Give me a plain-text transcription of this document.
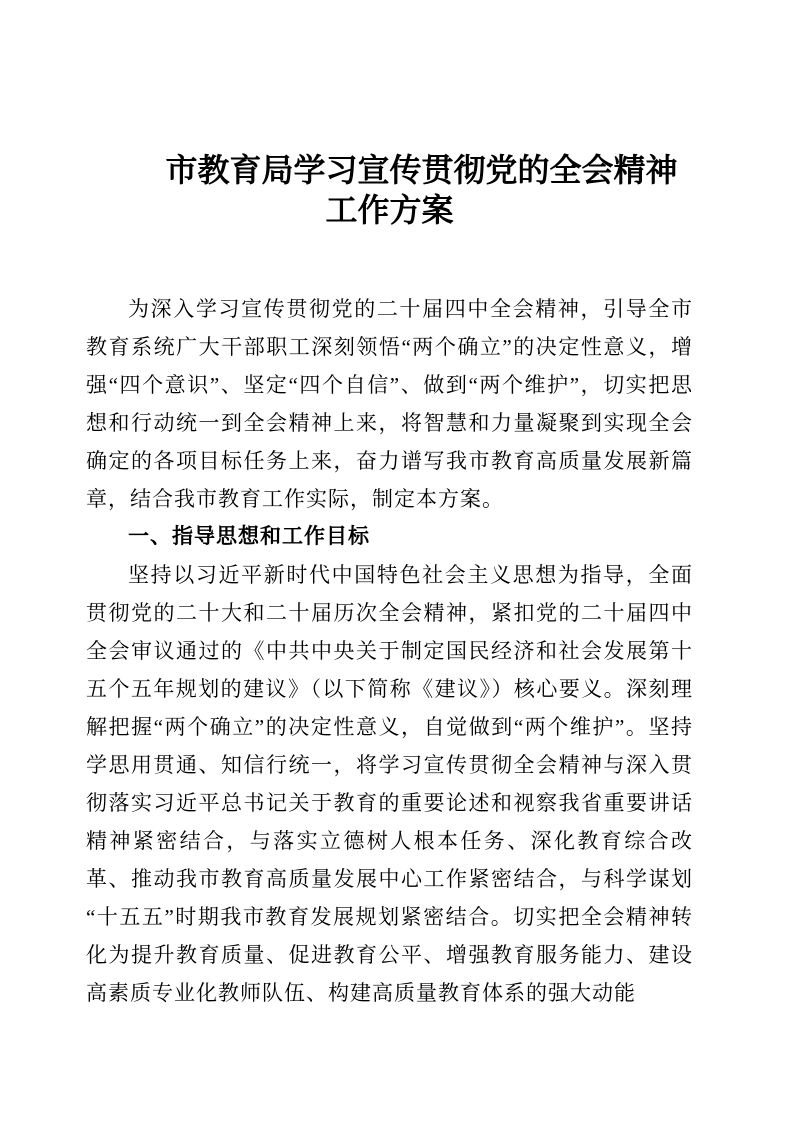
市教育局学习宣传贯彻党的全会精神工作方案

为深入学习宣传贯彻党的二十届四中全会精神，引导全市教育系统广大干部职工深刻领悟“两个确立”的决定性意义，增强“四个意识”、坚定“四个自信”、做到“两个维护”，切实把思想和行动统一到全会精神上来，将智慧和力量凝聚到实现全会确定的各项目标任务上来，奋力谱写我市教育高质量发展新篇章，结合我市教育工作实际，制定本方案。

一、指导思想和工作目标

坚持以习近平新时代中国特色社会主义思想为指导，全面贯彻党的二十大和二十届历次全会精神，紧扣党的二十届四中全会审议通过的《中共中央关于制定国民经济和社会发展第十五个五年规划的建议》（以下简称《建议》）核心要义。深刻理解把握“两个确立”的决定性意义，自觉做到“两个维护”。坚持学思用贯通、知信行统一，将学习宣传贯彻全会精神与深入贯彻落实习近平总书记关于教育的重要论述和视察我省重要讲话精神紧密结合，与落实立德树人根本任务、深化教育综合改革、推动我市教育高质量发展中心工作紧密结合，与科学谋划“十五五”时期我市教育发展规划紧密结合。切实把全会精神转化为提升教育质量、促进教育公平、增强教育服务能力、建设高素质专业化教师队伍、构建高质量教育体系的强大动能
